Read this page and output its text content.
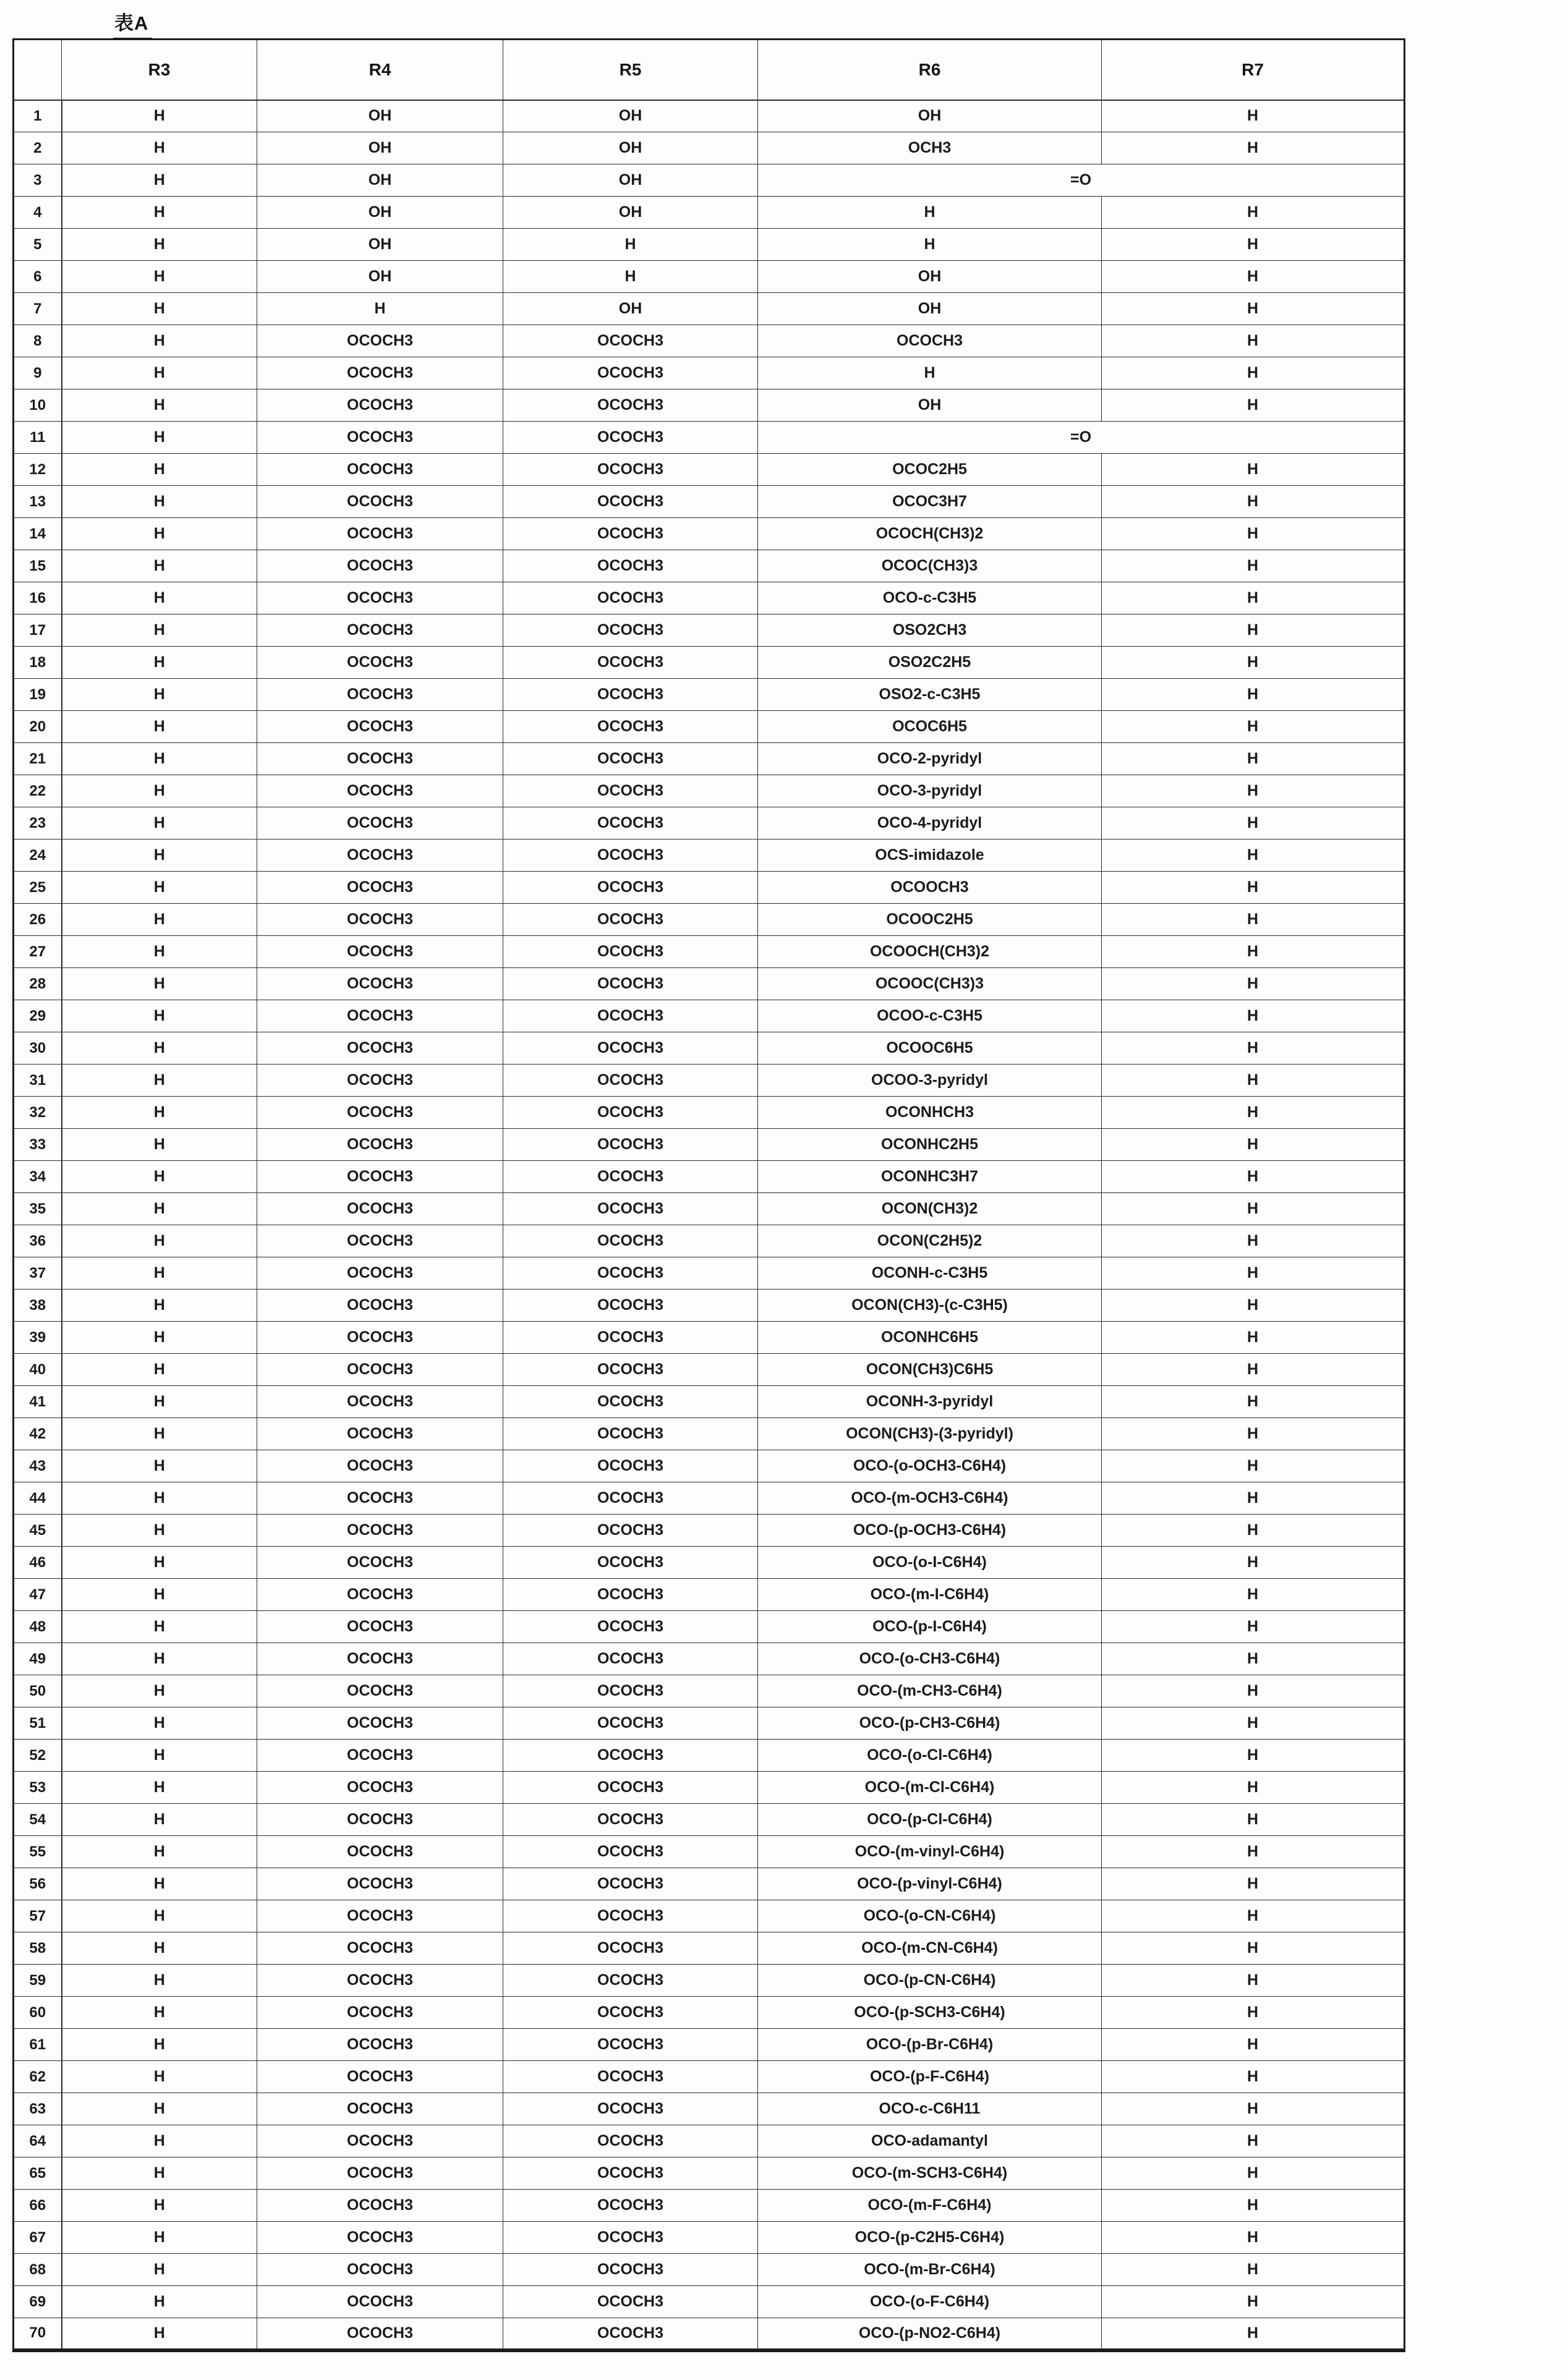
表A
	R3	R4	R5	R6	R7
1	H	OH	OH	OH	H
2	H	OH	OH	OCH3	H
3	H	OH	OH	=O	
4	H	OH	OH	H	H
5	H	OH	H	H	H
6	H	OH	H	OH	H
7	H	H	OH	OH	H
8	H	OCOCH3	OCOCH3	OCOCH3	H
9	H	OCOCH3	OCOCH3	H	H
10	H	OCOCH3	OCOCH3	OH	H
11	H	OCOCH3	OCOCH3	=O	
12	H	OCOCH3	OCOCH3	OCOC2H5	H
13	H	OCOCH3	OCOCH3	OCOC3H7	H
14	H	OCOCH3	OCOCH3	OCOCH(CH3)2	H
15	H	OCOCH3	OCOCH3	OCOC(CH3)3	H
16	H	OCOCH3	OCOCH3	OCO-c-C3H5	H
17	H	OCOCH3	OCOCH3	OSO2CH3	H
18	H	OCOCH3	OCOCH3	OSO2C2H5	H
19	H	OCOCH3	OCOCH3	OSO2-c-C3H5	H
20	H	OCOCH3	OCOCH3	OCOC6H5	H
21	H	OCOCH3	OCOCH3	OCO-2-pyridyl	H
22	H	OCOCH3	OCOCH3	OCO-3-pyridyl	H
23	H	OCOCH3	OCOCH3	OCO-4-pyridyl	H
24	H	OCOCH3	OCOCH3	OCS-imidazole	H
25	H	OCOCH3	OCOCH3	OCOOCH3	H
26	H	OCOCH3	OCOCH3	OCOOC2H5	H
27	H	OCOCH3	OCOCH3	OCOOCH(CH3)2	H
28	H	OCOCH3	OCOCH3	OCOOC(CH3)3	H
29	H	OCOCH3	OCOCH3	OCOO-c-C3H5	H
30	H	OCOCH3	OCOCH3	OCOOC6H5	H
31	H	OCOCH3	OCOCH3	OCOO-3-pyridyl	H
32	H	OCOCH3	OCOCH3	OCONHCH3	H
33	H	OCOCH3	OCOCH3	OCONHC2H5	H
34	H	OCOCH3	OCOCH3	OCONHC3H7	H
35	H	OCOCH3	OCOCH3	OCON(CH3)2	H
36	H	OCOCH3	OCOCH3	OCON(C2H5)2	H
37	H	OCOCH3	OCOCH3	OCONH-c-C3H5	H
38	H	OCOCH3	OCOCH3	OCON(CH3)-(c-C3H5)	H
39	H	OCOCH3	OCOCH3	OCONHC6H5	H
40	H	OCOCH3	OCOCH3	OCON(CH3)C6H5	H
41	H	OCOCH3	OCOCH3	OCONH-3-pyridyl	H
42	H	OCOCH3	OCOCH3	OCON(CH3)-(3-pyridyl)	H
43	H	OCOCH3	OCOCH3	OCO-(o-OCH3-C6H4)	H
44	H	OCOCH3	OCOCH3	OCO-(m-OCH3-C6H4)	H
45	H	OCOCH3	OCOCH3	OCO-(p-OCH3-C6H4)	H
46	H	OCOCH3	OCOCH3	OCO-(o-I-C6H4)	H
47	H	OCOCH3	OCOCH3	OCO-(m-I-C6H4)	H
48	H	OCOCH3	OCOCH3	OCO-(p-I-C6H4)	H
49	H	OCOCH3	OCOCH3	OCO-(o-CH3-C6H4)	H
50	H	OCOCH3	OCOCH3	OCO-(m-CH3-C6H4)	H
51	H	OCOCH3	OCOCH3	OCO-(p-CH3-C6H4)	H
52	H	OCOCH3	OCOCH3	OCO-(o-Cl-C6H4)	H
53	H	OCOCH3	OCOCH3	OCO-(m-Cl-C6H4)	H
54	H	OCOCH3	OCOCH3	OCO-(p-Cl-C6H4)	H
55	H	OCOCH3	OCOCH3	OCO-(m-vinyl-C6H4)	H
56	H	OCOCH3	OCOCH3	OCO-(p-vinyl-C6H4)	H
57	H	OCOCH3	OCOCH3	OCO-(o-CN-C6H4)	H
58	H	OCOCH3	OCOCH3	OCO-(m-CN-C6H4)	H
59	H	OCOCH3	OCOCH3	OCO-(p-CN-C6H4)	H
60	H	OCOCH3	OCOCH3	OCO-(p-SCH3-C6H4)	H
61	H	OCOCH3	OCOCH3	OCO-(p-Br-C6H4)	H
62	H	OCOCH3	OCOCH3	OCO-(p-F-C6H4)	H
63	H	OCOCH3	OCOCH3	OCO-c-C6H11	H
64	H	OCOCH3	OCOCH3	OCO-adamantyl	H
65	H	OCOCH3	OCOCH3	OCO-(m-SCH3-C6H4)	H
66	H	OCOCH3	OCOCH3	OCO-(m-F-C6H4)	H
67	H	OCOCH3	OCOCH3	OCO-(p-C2H5-C6H4)	H
68	H	OCOCH3	OCOCH3	OCO-(m-Br-C6H4)	H
69	H	OCOCH3	OCOCH3	OCO-(o-F-C6H4)	H
70	H	OCOCH3	OCOCH3	OCO-(p-NO2-C6H4)	H
